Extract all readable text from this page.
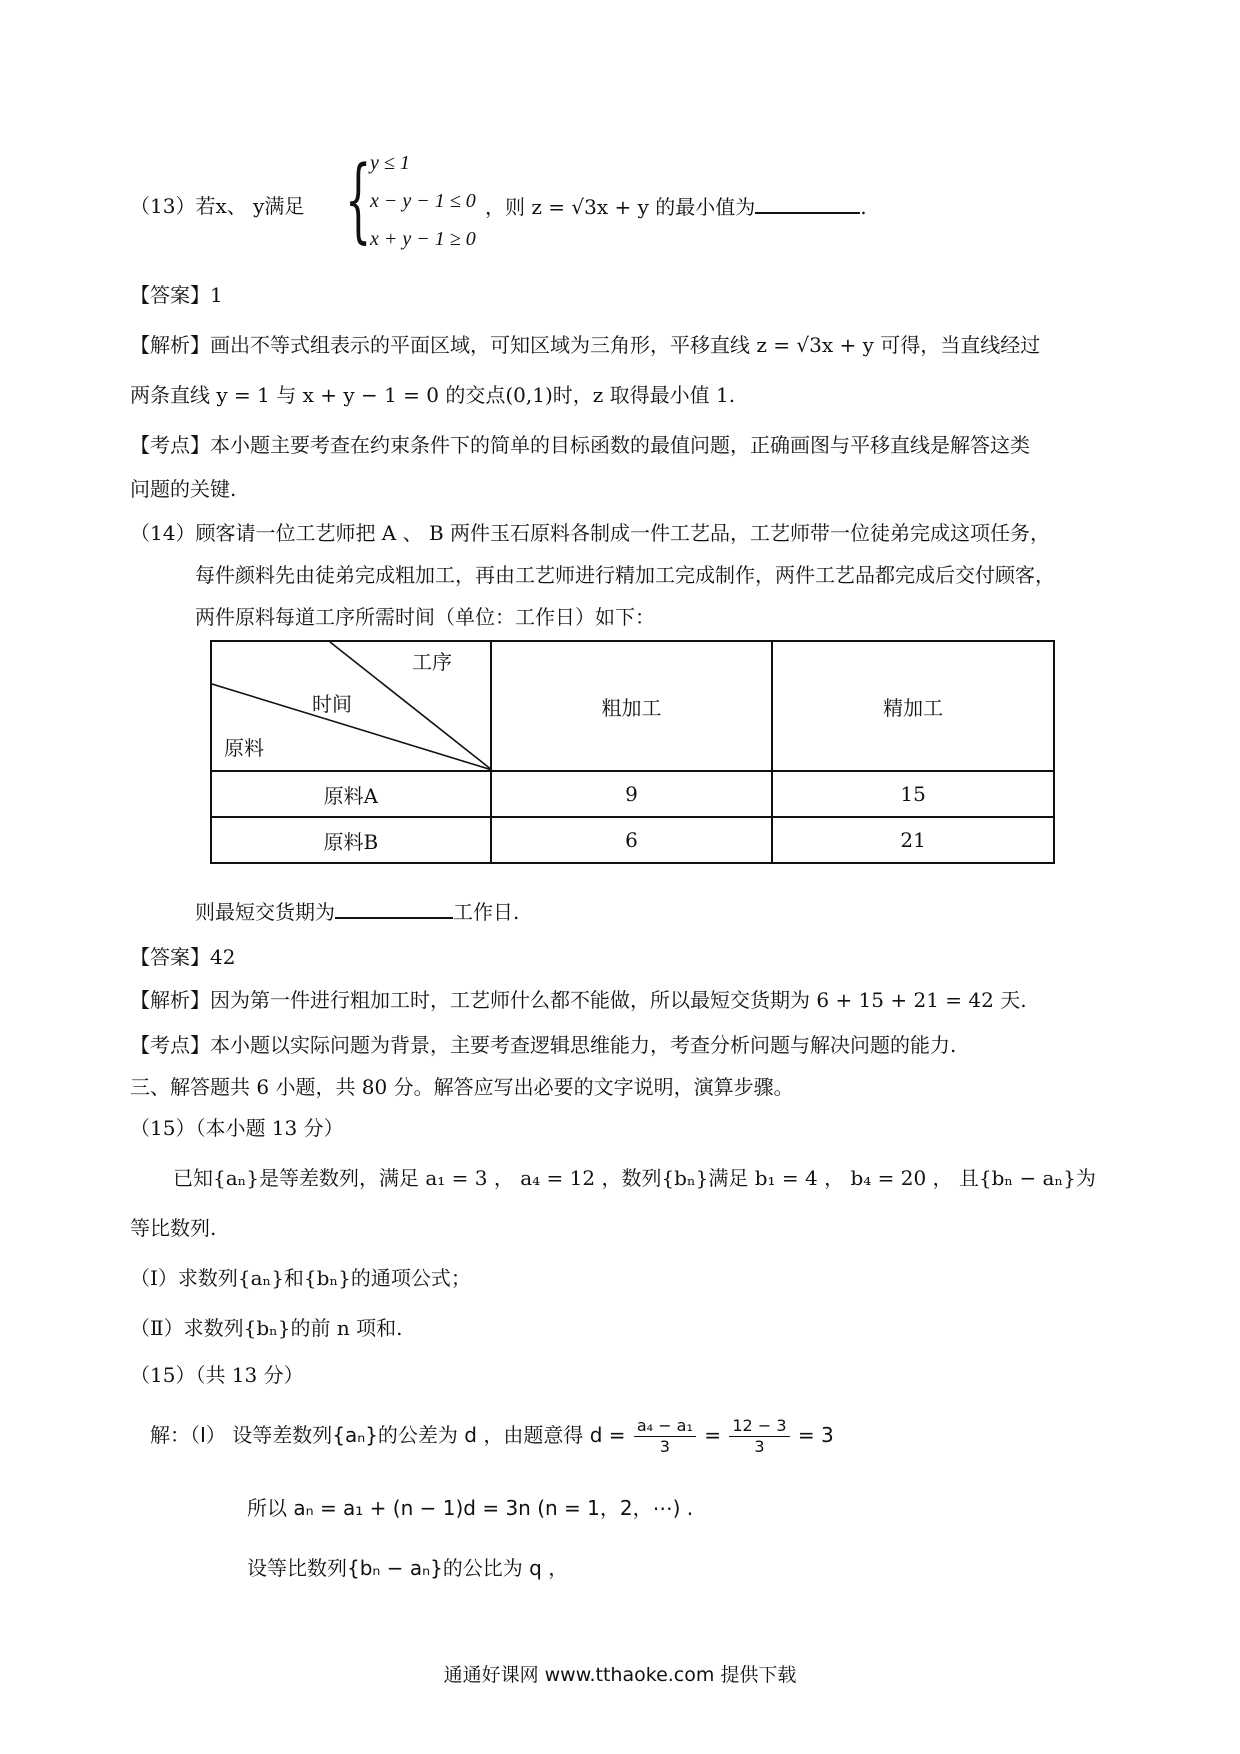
（13）若x、 y满足 {
y ≤ 1
x − y − 1 ≤ 0
x + y − 1 ≥ 0
，则 z = √3x + y 的最小值为	.
【答案】1
【解析】画出不等式组表示的平面区域，可知区域为三角形，平移直线 z = √3x + y 可得，当直线经过
两条直线 y = 1 与 x + y − 1 = 0 的交点(0,1)时，z 取得最小值 1.
【考点】本小题主要考查在约束条件下的简单的目标函数的最值问题，正确画图与平移直线是解答这类
问题的关键.
（14）顾客请一位工艺师把 A 、 B 两件玉石原料各制成一件工艺品，工艺师带一位徒弟完成这项任务，
每件颜料先由徒弟完成粗加工，再由工艺师进行精加工完成制作，两件工艺品都完成后交付顾客，
两件原料每道工序所需时间（单位：工作日）如下：
工序
时间
原料	粗加工	精加工
原料A	9	15
原料B	6	21
则最短交货期为	工作日.
【答案】42
【解析】因为第一件进行粗加工时，工艺师什么都不能做，所以最短交货期为 6 + 15 + 21 = 42 天.
【考点】本小题以实际问题为背景，主要考查逻辑思维能力，考查分析问题与解决问题的能力.
三、解答题共 6 小题，共 80 分。解答应写出必要的文字说明，演算步骤。
（15）（本小题 13 分）
已知{aₙ}是等差数列，满足 a₁ = 3 ， a₄ = 12 ，数列{bₙ}满足 b₁ = 4 ， b₄ = 20 ， 且{bₙ − aₙ}为
等比数列.
（Ⅰ）求数列{aₙ}和{bₙ}的通项公式；
（Ⅱ）求数列{bₙ}的前 n 项和.
（15）（共 13 分）
解：（Ⅰ） 设等差数列{aₙ}的公差为 d ，由题意得 $d = \frac{\text{a₄ − a₁}}{3} = \frac{12 - 3}{3} = 3$
所以 aₙ = a₁ + (n − 1)d = 3n (n = 1，2，⋯) .
设等比数列{bₙ − aₙ}的公比为 q ，
通通好课网 www.tthaoke.com 提供下载
